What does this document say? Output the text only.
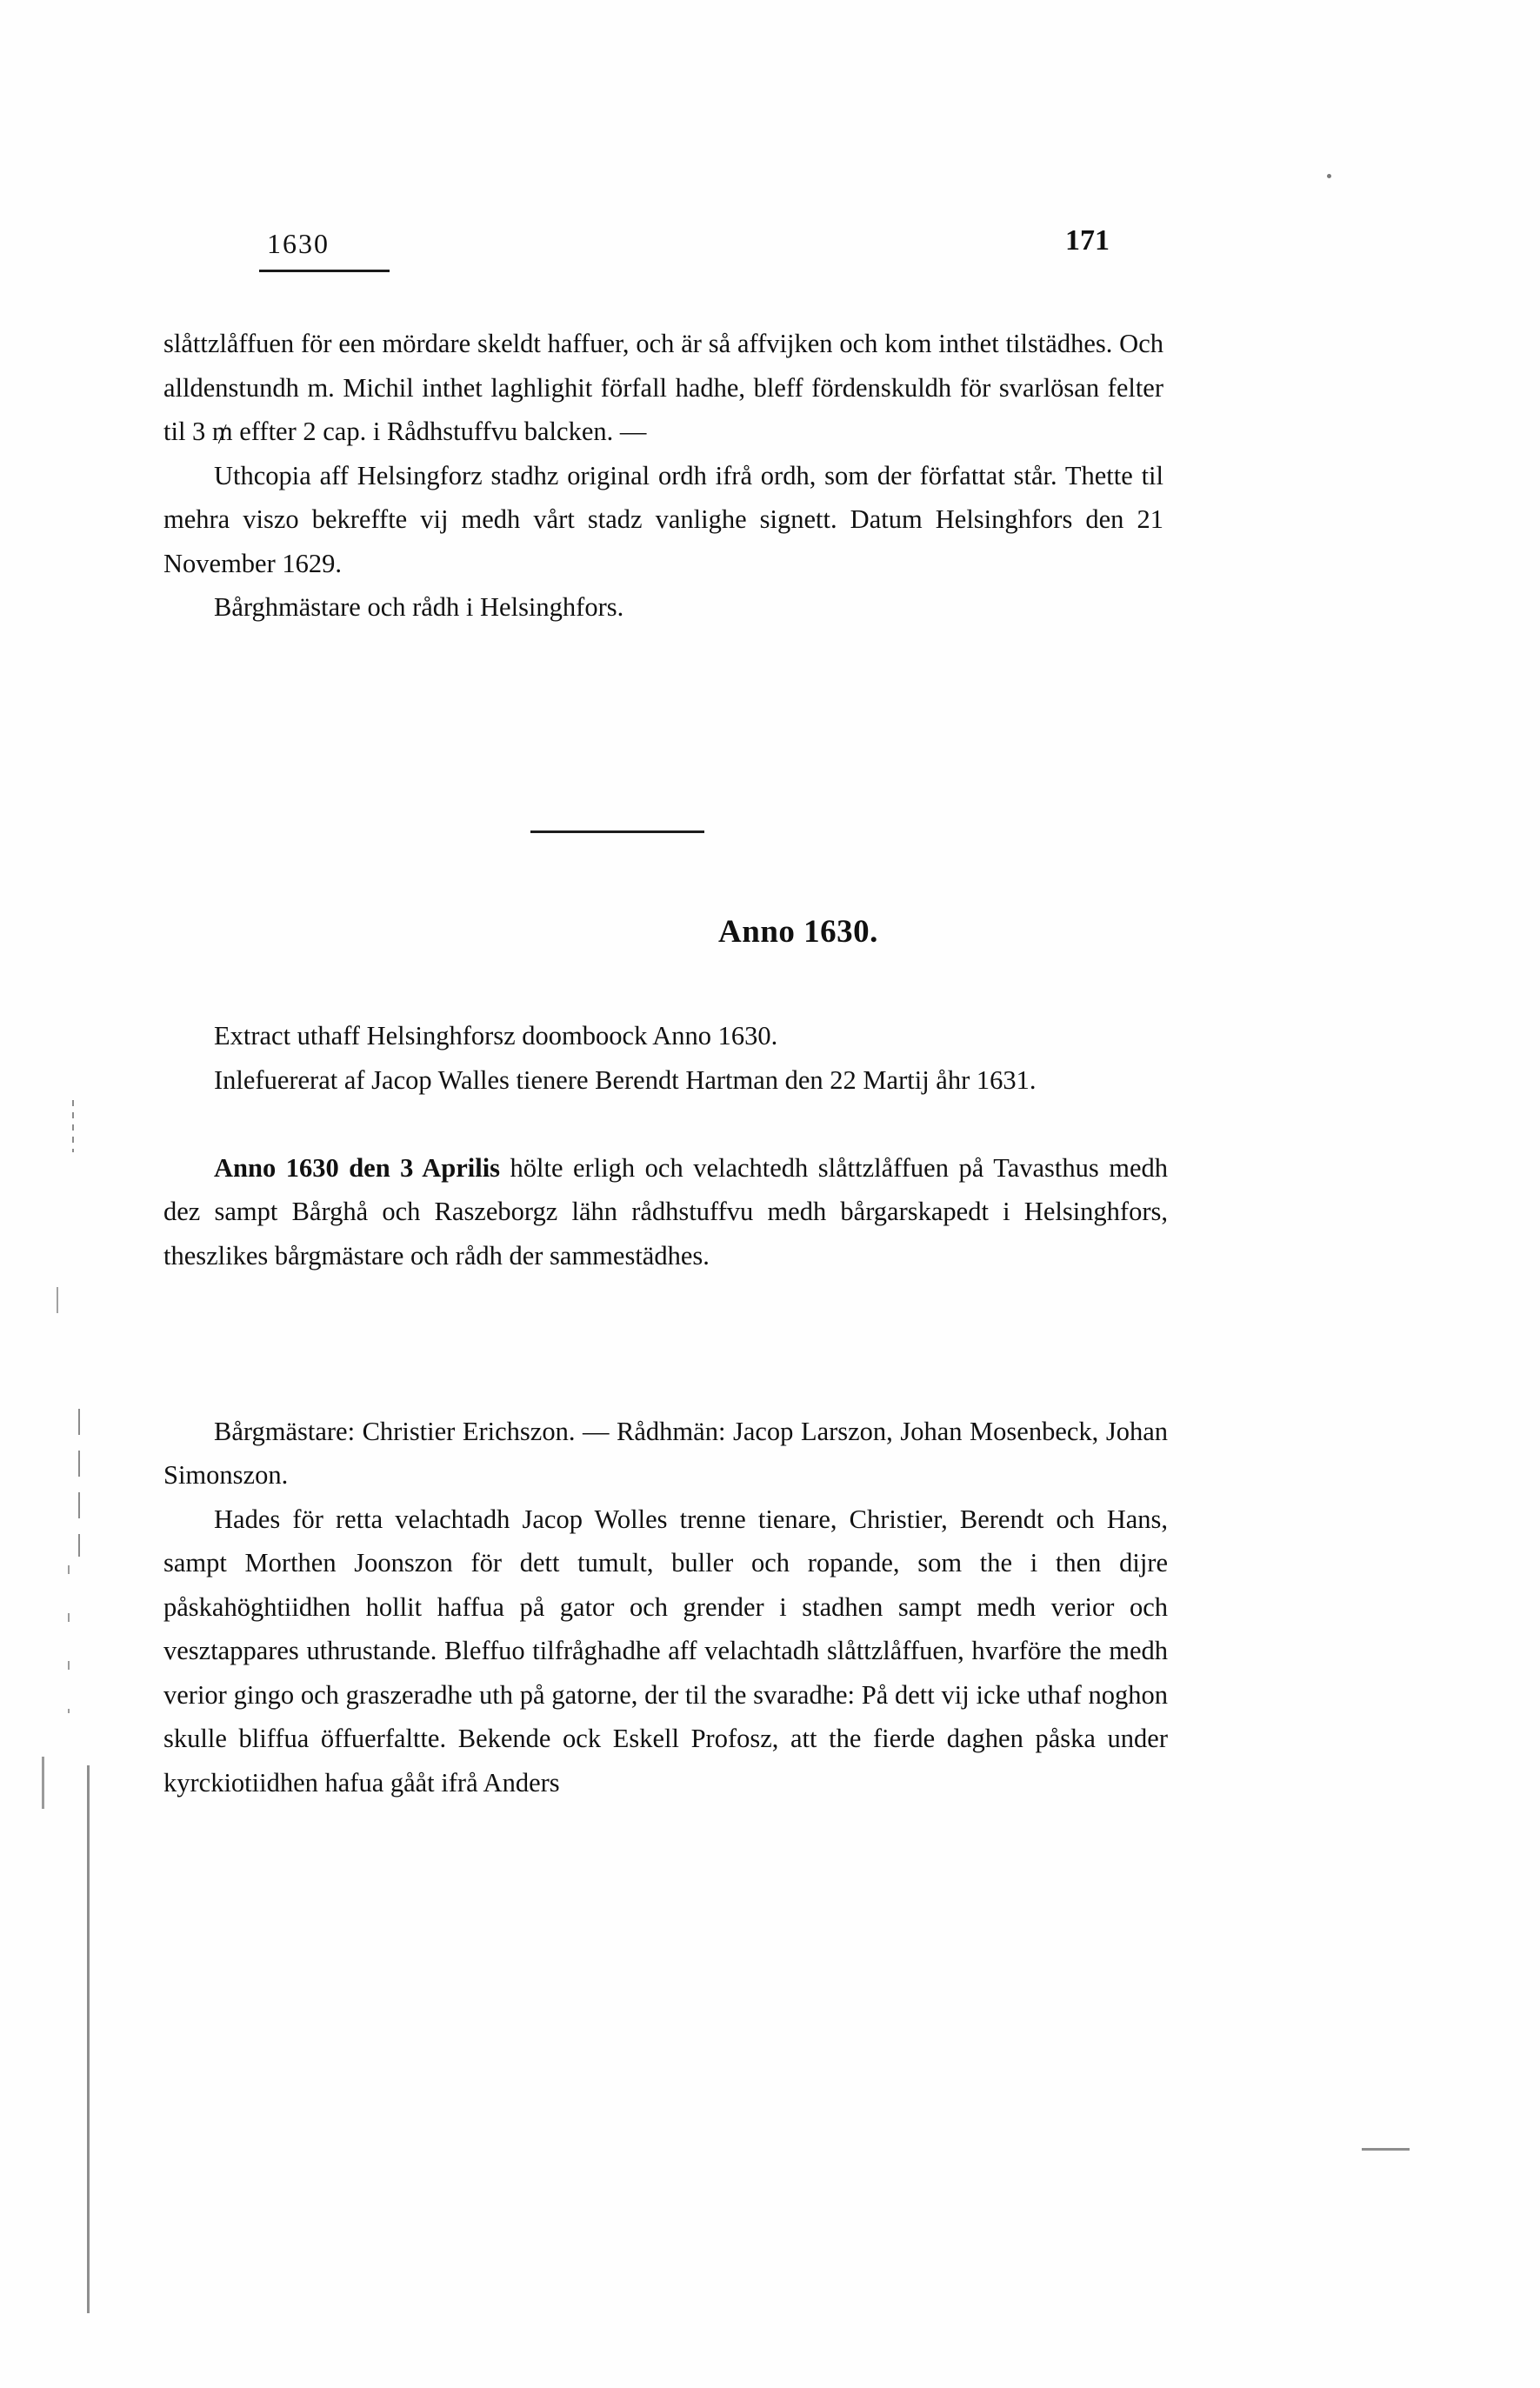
1630	171

slåttzlåffuen för een mördare skeldt haffuer, och är så affvijken och kom inthet tilstädhes. Och alldenstundh m. Michil inthet laghlighit förfall hadhe, bleff fördenskuldh för svarlösan felter til 3 ₥ effter 2 cap. i Rådhstuffvu balcken. —

Uthcopia aff Helsingforz stadhz original ordh ifrå ordh, som der författat står. Thette til mehra viszo bekreffte vij medh vårt stadz vanlighe signett. Datum Helsinghfors den 21 November 1629.

Bårghmästare och rådh i Helsinghfors.

Anno 1630.

Extract uthaff Helsinghforsz doomboock Anno 1630.

Inlefuererat af Jacop Walles tienere Berendt Hartman den 22 Martij åhr 1631.

Anno 1630 den 3 Aprilis hölte erligh och velachtedh slåttzlåffuen på Tavasthus medh dez sampt Bårghå och Raszeborgz lähn rådhstuffvu medh bårgarskapedt i Helsinghfors, theszlikes bårgmästare och rådh der sammestädhes.

Bårgmästare: Christier Erichszon. — Rådhmän: Jacop Larszon, Johan Mosenbeck, Johan Simonszon.

Hades för retta velachtadh Jacop Wolles trenne tienare, Christier, Berendt och Hans, sampt Morthen Joonszon för dett tumult, buller och ropande, som the i then dijre påskahöghtiidhen hollit haffua på gator och grender i stadhen sampt medh verior och vesztappares uthrustande. Bleffuo tilfråghadhe aff velachtadh slåttzlåffuen, hvarföre the medh verior gingo och graszeradhe uth på gatorne, der til the svaradhe: På dett vij icke uthaf noghon skulle bliffua öffuerfaltte. Bekende ock Eskell Profosz, att the fierde daghen påska under kyrckiotiidhen hafua gååt ifrå Anders
